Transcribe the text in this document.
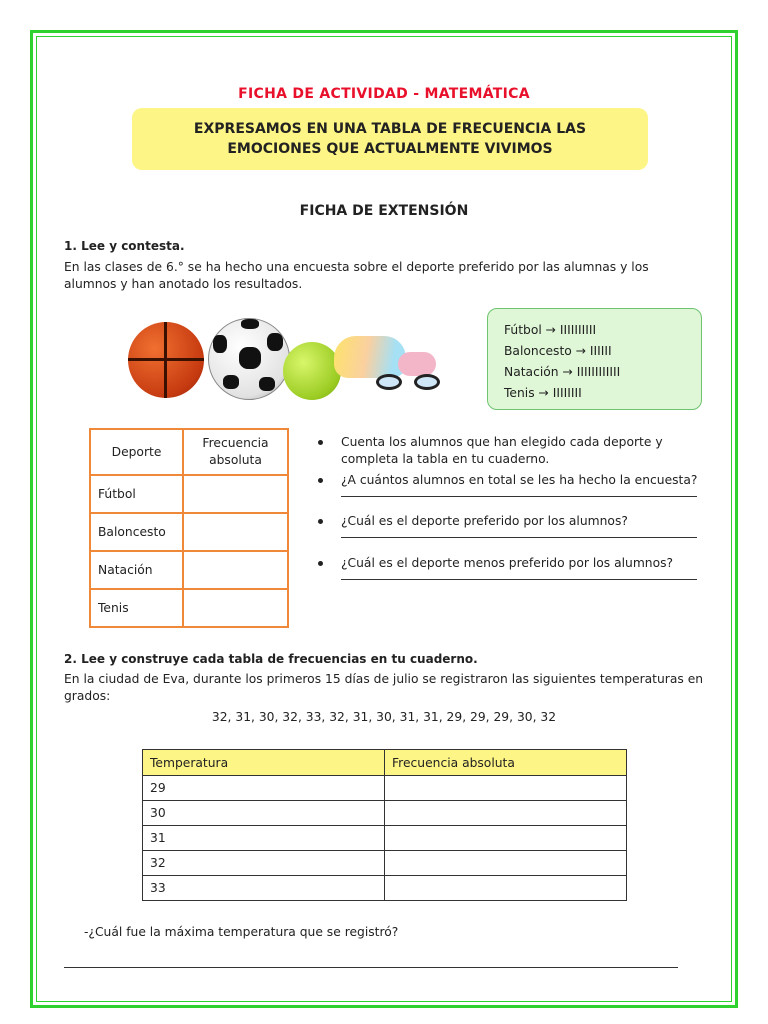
FICHA DE ACTIVIDAD - MATEMÁTICA
EXPRESAMOS EN UNA TABLA DE FRECUENCIA LAS
EMOCIONES QUE ACTUALMENTE VIVIMOS
FICHA DE EXTENSIÓN
1. Lee y contesta.
En las clases de 6.° se ha hecho una encuesta sobre el deporte preferido por las alumnas y los alumnos y han anotado los resultados.
Fútbol → IIIIIIIIII
Baloncesto → IIIIII
Natación → IIIIIIIIIIII
Tenis → IIIIIIII
Deporte	Frecuencia absoluta
Fútbol	
Baloncesto	
Natación	
Tenis	
Cuenta los alumnos que han elegido cada deporte y completa la tabla en tu cuaderno.
¿A cuántos alumnos en total se les ha hecho la encuesta?
¿Cuál es el deporte preferido por los alumnos?
¿Cuál es el deporte menos preferido por los alumnos?
2. Lee y construye cada tabla de frecuencias en tu cuaderno.
En la ciudad de Eva, durante los primeros 15 días de julio se registraron las siguientes temperaturas en grados:
32, 31, 30, 32, 33, 32, 31, 30, 31, 31, 29, 29, 29, 30, 32
Temperatura	Frecuencia absoluta
29	
30	
31	
32	
33	
-¿Cuál fue la máxima temperatura que se registró?
